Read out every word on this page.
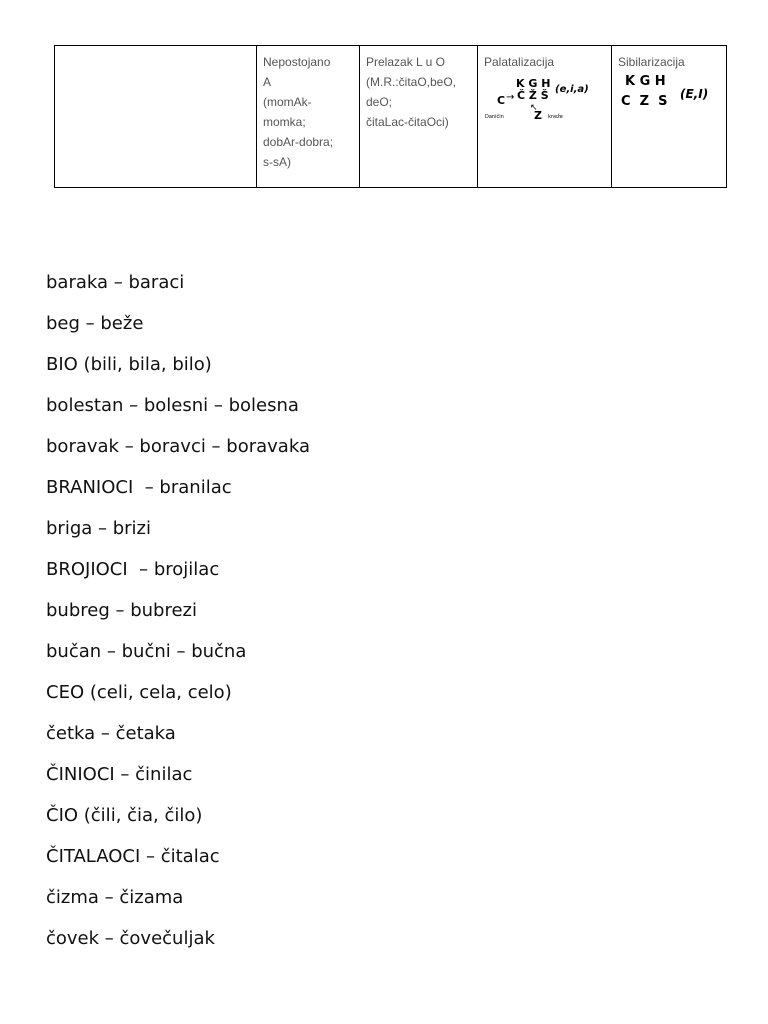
Nepostojano
A
(momAk-
momka;
dobAr-dobra;
s-sA)

Prelazak L u O
(M.R.:čitaO,beO,
deO;
čitaLac-čitaOci)

Palatalizacija
K G H
C → Č Ž Š (e,i,a)
↖
Z
Daničin	kneže

Sibilarizacija
K G H
C  Z  S (E,I)
baraka – baraci
beg – beže
BIO (bili, bila, bilo)
bolestan – bolesni – bolesna
boravak – boravci – boravaka
BRANIOCI  – branilac
briga – brizi
BROJIOCI  – brojilac
bubreg – bubrezi
bučan – bučni – bučna
CEO (celi, cela, celo)
četka – četaka
ČINIOCI – činilac
ČIO (čili, čia, čilo)
ČITALAOCI – čitalac
čizma – čizama
čovek – čovečuljak
